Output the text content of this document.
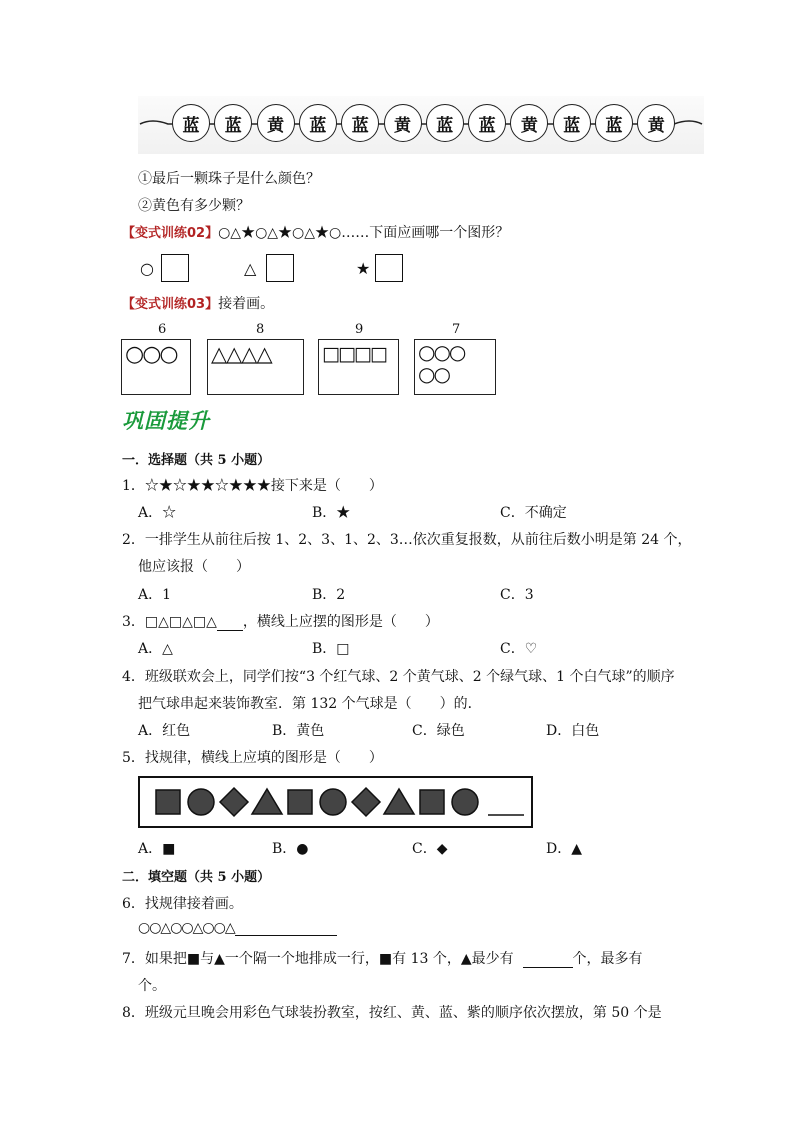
蓝	蓝	黄	蓝	蓝	黄	蓝	蓝	黄	蓝	蓝	黄
①最后一颗珠子是什么颜色？
②黄色有多少颗？
【变式训练02】○△★○△★○△★○……下面应画哪一个图形？
○	△	★
【变式训练03】接着画。
6
○○○
8
△△△△
9
□□□□
7
○○○
○○
巩固提升
一．选择题（共 5 小题）
1．☆★☆★★☆★★★接下来是（　　）
A．☆	B．★	C．不确定
2．一排学生从前往后按 1、2、3、1、2、3…依次重复报数，从前往后数小明是第 24 个，
他应该报（　　）
A．1	B．2	C．3
3．□△□△□△ ，横线上应摆的图形是（　　）
A．△	B．□	C．♡
4．班级联欢会上，同学们按“3 个红气球、2 个黄气球、2 个绿气球、1 个白气球”的顺序
把气球串起来装饰教室．第 132 个气球是（　　）的．
A．红色	B．黄色	C．绿色	D．白色
5．找规律，横线上应填的图形是（　　）
A．■	B．●	C．◆	D．▲
二．填空题（共 5 小题）
6．找规律接着画。
○○△○○△○○△
7．如果把■与▲一个隔一个地排成一行，■有 13 个，▲最少有	个，最多有
个。
8．班级元旦晚会用彩色气球装扮教室，按红、黄、蓝、紫的顺序依次摆放，第 50 个是
